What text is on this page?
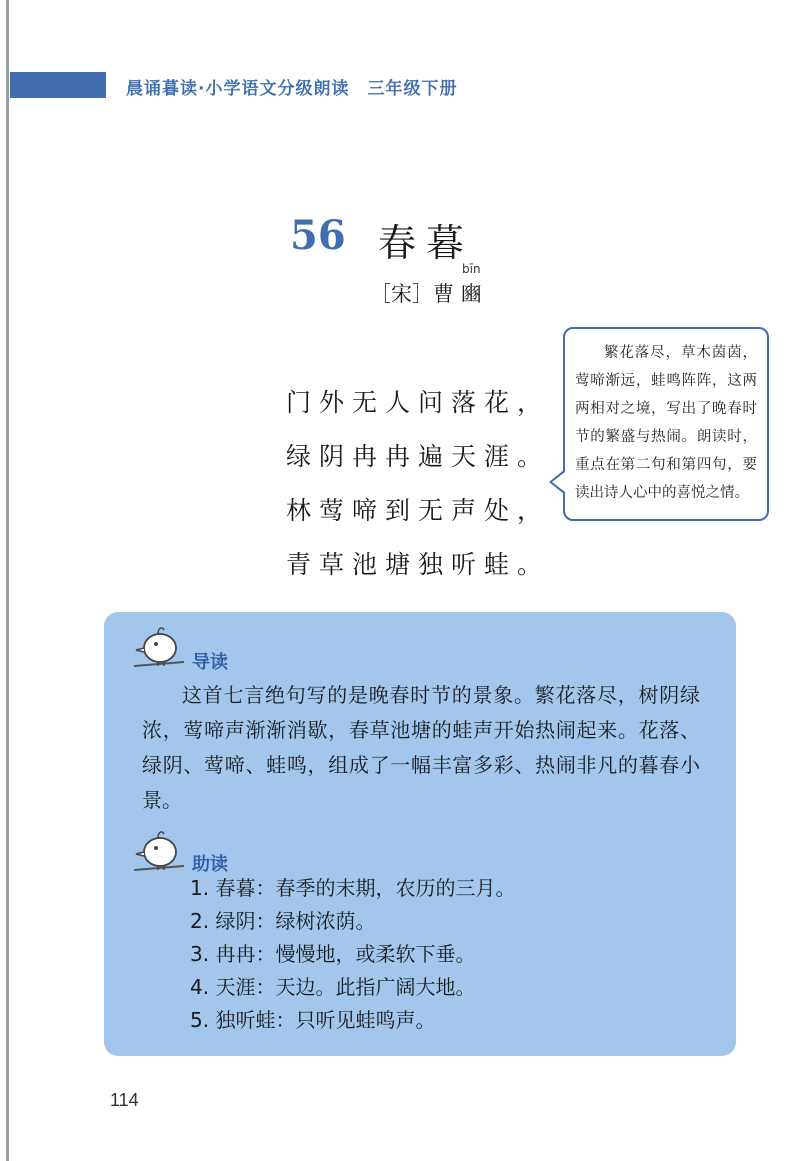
晨诵暮读·小学语文分级朗读　三年级下册
56 春暮
bīn
［宋］曹 豳
门外无人问落花，
绿阴冉冉遍天涯。
林莺啼到无声处，
青草池塘独听蛙。
繁花落尽，草木茵茵，莺啼渐远，蛙鸣阵阵，这两两相对之境，写出了晚春时节的繁盛与热闹。朗读时，重点在第二句和第四句，要读出诗人心中的喜悦之情。
导读
这首七言绝句写的是晚春时节的景象。繁花落尽，树阴绿浓，莺啼声渐渐消歇，春草池塘的蛙声开始热闹起来。花落、绿阴、莺啼、蛙鸣，组成了一幅丰富多彩、热闹非凡的暮春小景。
助读
1. 春暮：春季的末期，农历的三月。
2. 绿阴：绿树浓荫。
3. 冉冉：慢慢地，或柔软下垂。
4. 天涯：天边。此指广阔大地。
5. 独听蛙：只听见蛙鸣声。
114
